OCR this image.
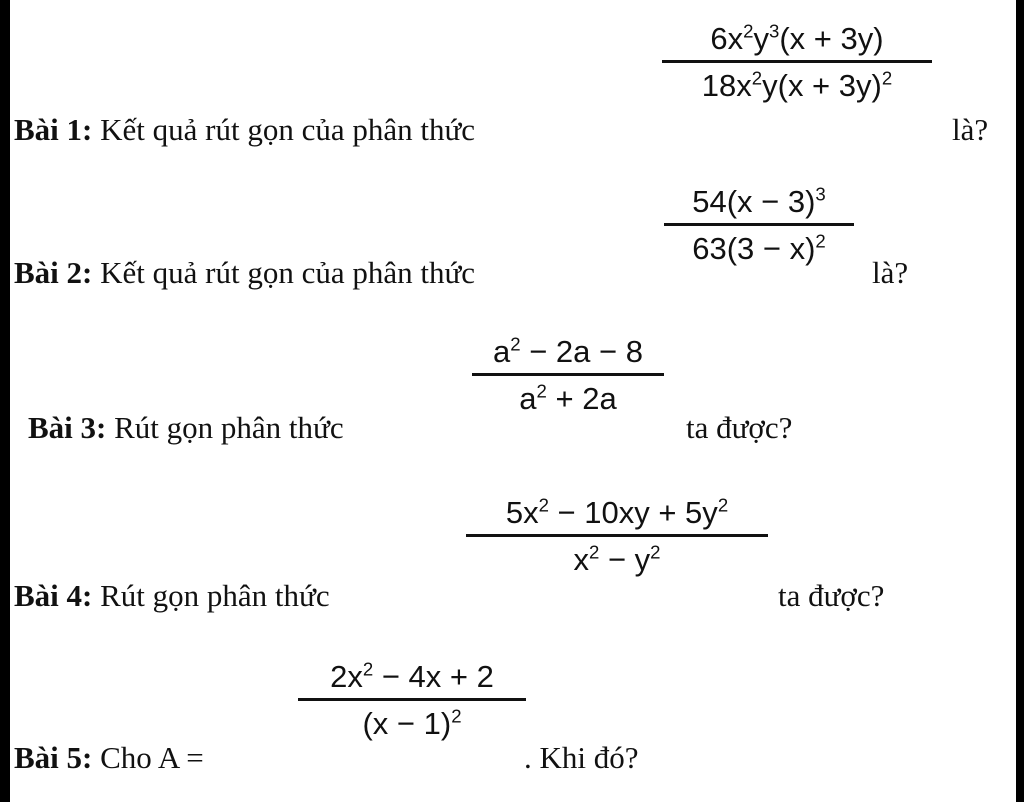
Bài 1: Kết quả rút gọn của phân thức
$6x^2y^3(x + 3y)$
$18x^2y(x + 3y)^2$
là?
Bài 2: Kết quả rút gọn của phân thức
$54(x - 3)^3$
$63(3 - x)^2$
là?
Bài 3: Rút gọn phân thức
$a^2 - 2a - 8$
$a^2 + 2a$
ta được?
Bài 4: Rút gọn phân thức
$5x^2 - 10xy + 5y^2$
$x^2 - y^2$
ta được?
Bài 5: Cho A =
$2x^2 - 4x + 2$
$(x - 1)^2$
. Khi đó?
